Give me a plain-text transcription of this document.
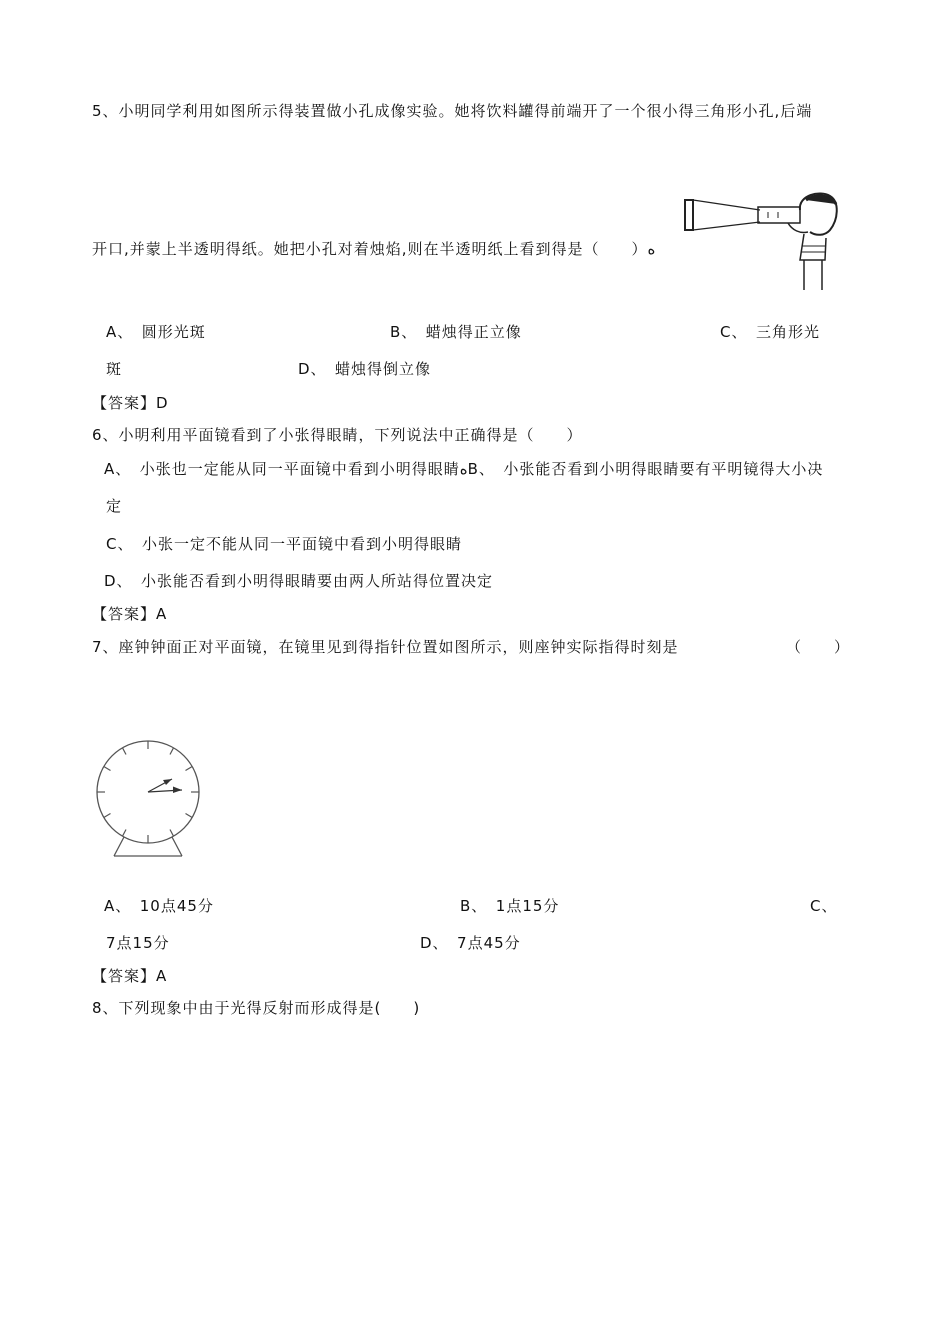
5、小明同学利用如图所示得装置做小孔成像实验。她将饮料罐得前端开了一个很小得三角形小孔,后端
开口,并蒙上半透明得纸。她把小孔对着烛焰,则在半透明纸上看到得是（　　）ﻩ
A、　圆形光斑	B、　蜡烛得正立像	C、　三角形光
斑	D、　蜡烛得倒立像
【答案】D
6、小明利用平面镜看到了小张得眼睛，下列说法中正确得是（　　）
A、　小张也一定能从同一平面镜中看到小明得眼睛ﻩB、　小张能否看到小明得眼睛要有平明镜得大小决
定
C、　小张一定不能从同一平面镜中看到小明得眼睛
D、　小张能否看到小明得眼睛要由两人所站得位置决定
【答案】A
7、座钟钟面正对平面镜，在镜里见到得指针位置如图所示，则座钟实际指得时刻是	（　　）
A、　10点45分	B、　1点15分	C、
7点15分	D、　7点45分
【答案】A
8、下列现象中由于光得反射而形成得是(　　)
